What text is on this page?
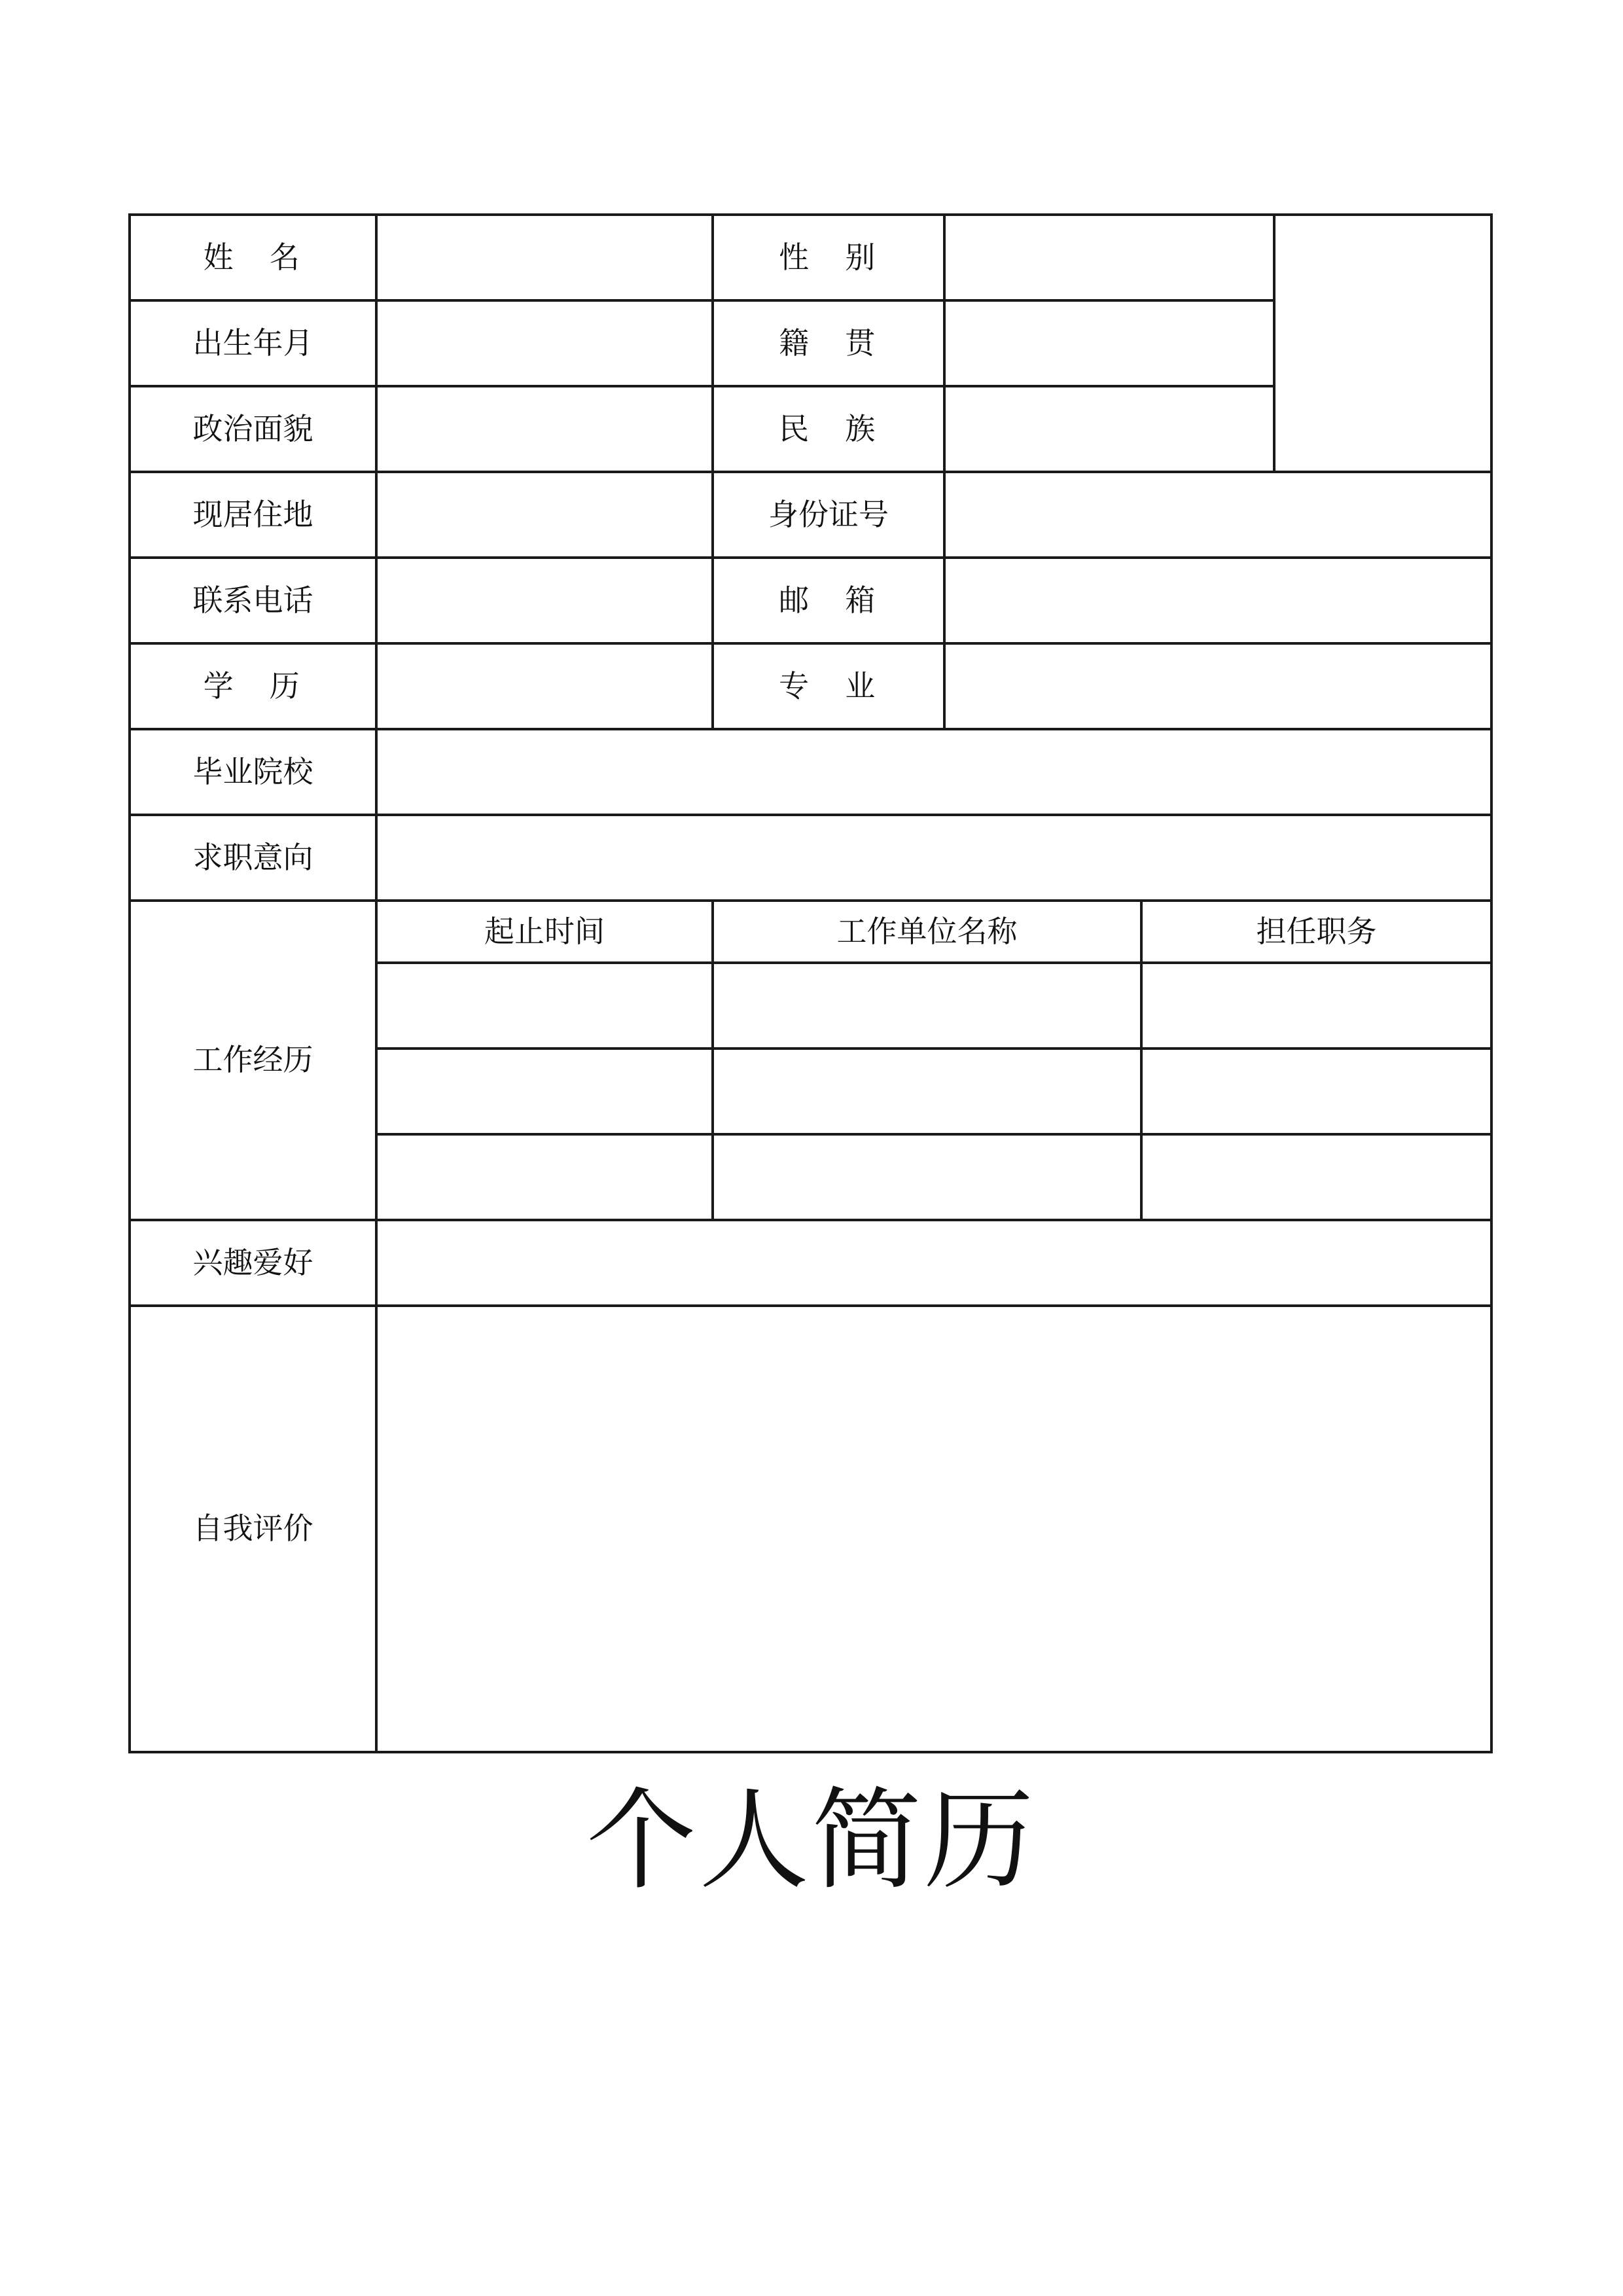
姓　名		性　别			
出生年月		籍　贯			
政治面貌		民　族			
现居住地		身份证号			
联系电话		邮　箱			
学　历		专　业			
毕业院校					
求职意向					
工作经历	起止时间	工作单位名称		担任职务	

兴趣爱好					
自我评价					
个人简历
